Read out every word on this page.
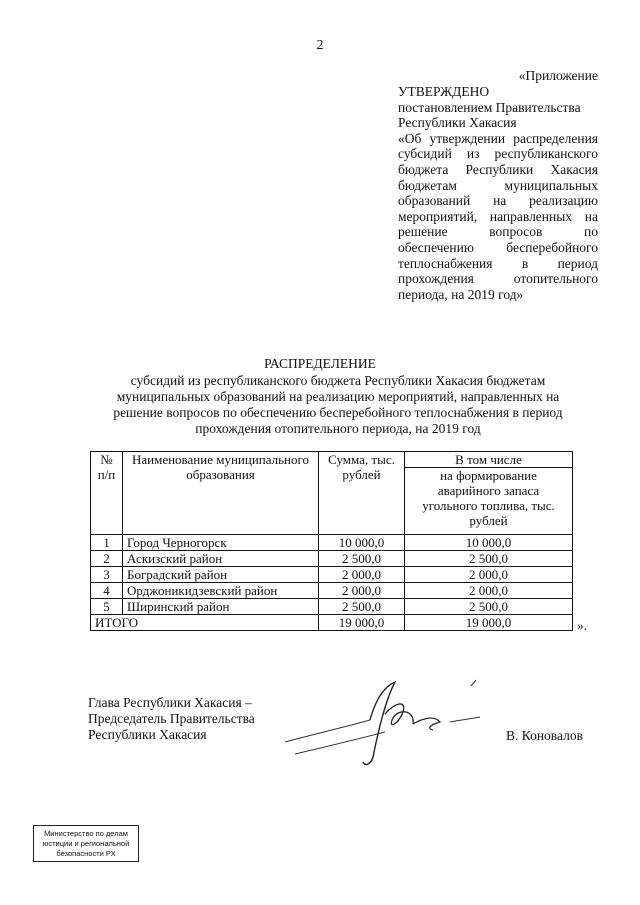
2
«Приложение
УТВЕРЖДЕНО
постановлением Правительства
Республики Хакасия
«Об утверждении распределения
субсидий из республиканского
бюджета Республики Хакасия
бюджетам муниципальных
образований на реализацию
мероприятий, направленных на
решение вопросов по
обеспечению бесперебойного
теплоснабжения в период
прохождения отопительного
периода, на 2019 год»
РАСПРЕДЕЛЕНИЕ
субсидий из республиканского бюджета Республики Хакасия бюджетам
муниципальных образований на реализацию мероприятий, направленных на
решение вопросов по обеспечению бесперебойного теплоснабжения в период
прохождения отопительного периода, на 2019 год
№ п/п	Наименование муниципального образования	Сумма, тыс. рублей	В том числе
			на формирование аварийного запаса угольного топлива, тыс. рублей
1	Город Черногорск	10 000,0	10 000,0
2	Аскизский район	2 500,0	2 500,0
3	Боградский район	2 000,0	2 000,0
4	Орджоникидзевский район	2 000,0	2 000,0
5	Ширинский район	2 500,0	2 500,0
ИТОГО		19 000,0	19 000,0	».
Глава Республики Хакасия –
Председатель Правительства
Республики Хакасия	В. Коновалов
Министерство по делам
юстиции и региональной
безопасности РХ
